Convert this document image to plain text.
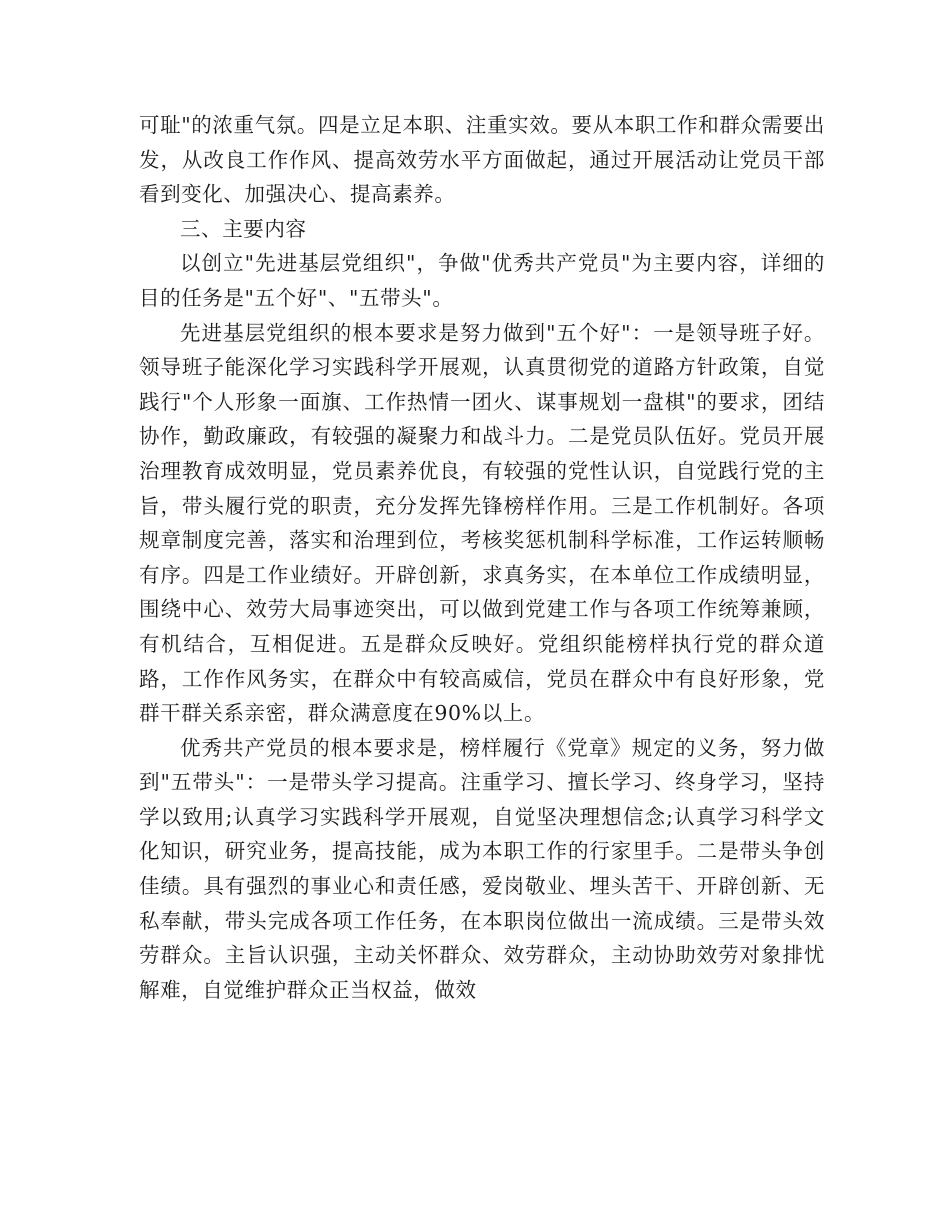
可耻"的浓重气氛。四是立足本职、注重实效。要从本职工作和群众需要出发，从改良工作作风、提高效劳水平方面做起，通过开展活动让党员干部看到变化、加强决心、提高素养。

三、主要内容

以创立"先进基层党组织"，争做"优秀共产党员"为主要内容，详细的目的任务是"五个好"、"五带头"。

先进基层党组织的根本要求是努力做到"五个好"：一是领导班子好。领导班子能深化学习实践科学开展观，认真贯彻党的道路方针政策，自觉践行"个人形象一面旗、工作热情一团火、谋事规划一盘棋"的要求，团结协作，勤政廉政，有较强的凝聚力和战斗力。二是党员队伍好。党员开展治理教育成效明显，党员素养优良，有较强的党性认识，自觉践行党的主旨，带头履行党的职责，充分发挥先锋榜样作用。三是工作机制好。各项规章制度完善，落实和治理到位，考核奖惩机制科学标准，工作运转顺畅有序。四是工作业绩好。开辟创新，求真务实，在本单位工作成绩明显，围绕中心、效劳大局事迹突出，可以做到党建工作与各项工作统筹兼顾，有机结合，互相促进。五是群众反映好。党组织能榜样执行党的群众道路，工作作风务实，在群众中有较高威信，党员在群众中有良好形象，党群干群关系亲密，群众满意度在90%以上。

优秀共产党员的根本要求是，榜样履行《党章》规定的义务，努力做到"五带头"：一是带头学习提高。注重学习、擅长学习、终身学习，坚持学以致用;认真学习实践科学开展观，自觉坚决理想信念;认真学习科学文化知识，研究业务，提高技能，成为本职工作的行家里手。二是带头争创佳绩。具有强烈的事业心和责任感，爱岗敬业、埋头苦干、开辟创新、无私奉献，带头完成各项工作任务，在本职岗位做出一流成绩。三是带头效劳群众。主旨认识强，主动关怀群众、效劳群众，主动协助效劳对象排忧解难，自觉维护群众正当权益，做效
